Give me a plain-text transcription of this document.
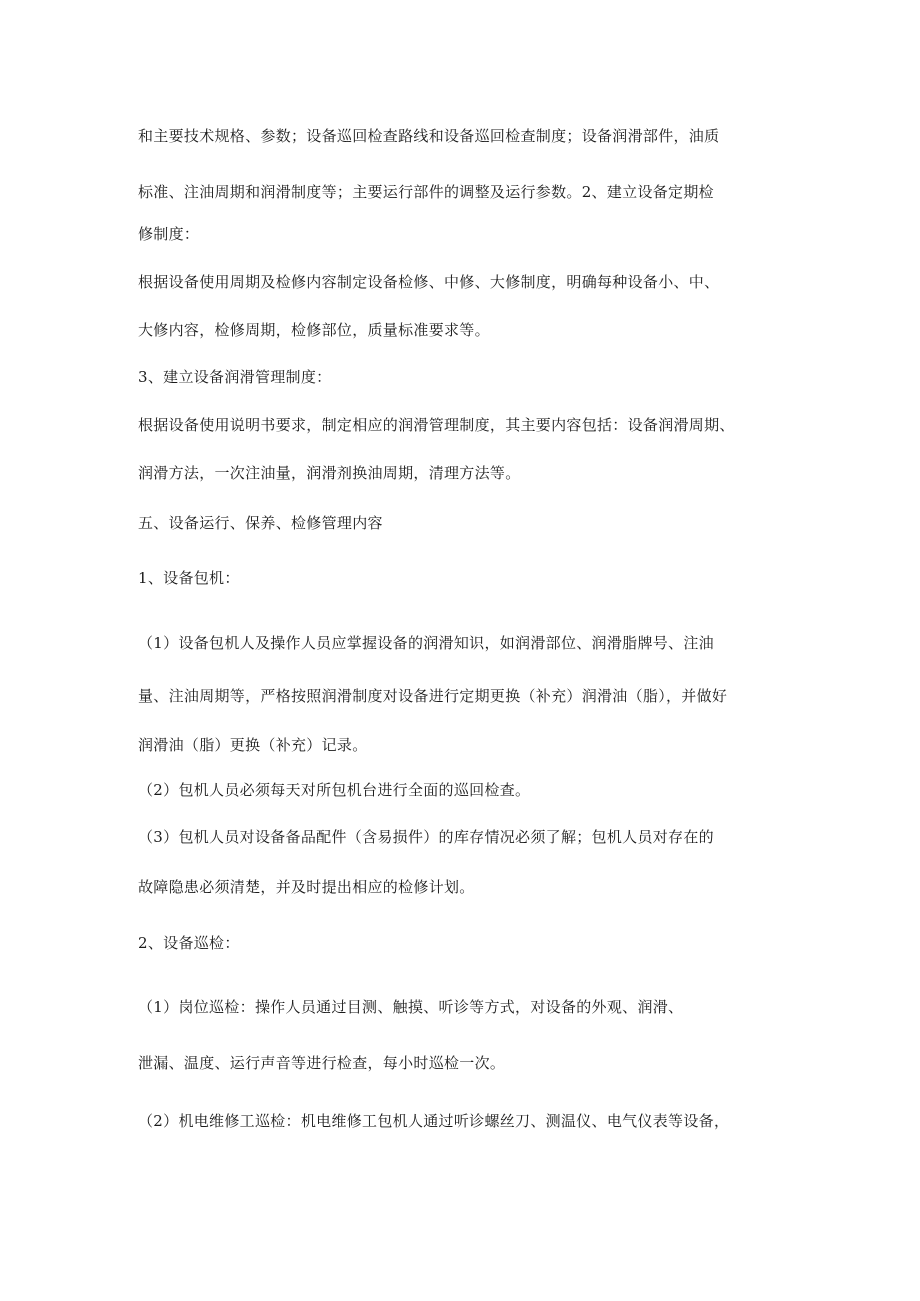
和主要技术规格、参数；设备巡回检查路线和设备巡回检查制度；设备润滑部件，油质
标准、注油周期和润滑制度等；主要运行部件的调整及运行参数。2、建立设备定期检
修制度：
根据设备使用周期及检修内容制定设备检修、中修、大修制度，明确每种设备小、中、
大修内容，检修周期，检修部位，质量标准要求等。
3、建立设备润滑管理制度：
根据设备使用说明书要求，制定相应的润滑管理制度，其主要内容包括：设备润滑周期、
润滑方法，一次注油量，润滑剂换油周期，清理方法等。
五、设备运行、保养、检修管理内容
1、设备包机：
（1）设备包机人及操作人员应掌握设备的润滑知识，如润滑部位、润滑脂牌号、注油
量、注油周期等，严格按照润滑制度对设备进行定期更换（补充）润滑油（脂），并做好
润滑油（脂）更换（补充）记录。
（2）包机人员必须每天对所包机台进行全面的巡回检查。
（3）包机人员对设备备品配件（含易损件）的库存情况必须了解；包机人员对存在的
故障隐患必须清楚，并及时提出相应的检修计划。
2、设备巡检：
（1）岗位巡检：操作人员通过目测、触摸、听诊等方式，对设备的外观、润滑、
泄漏、温度、运行声音等进行检查，每小时巡检一次。
（2）机电维修工巡检：机电维修工包机人通过听诊螺丝刀、测温仪、电气仪表等设备，
